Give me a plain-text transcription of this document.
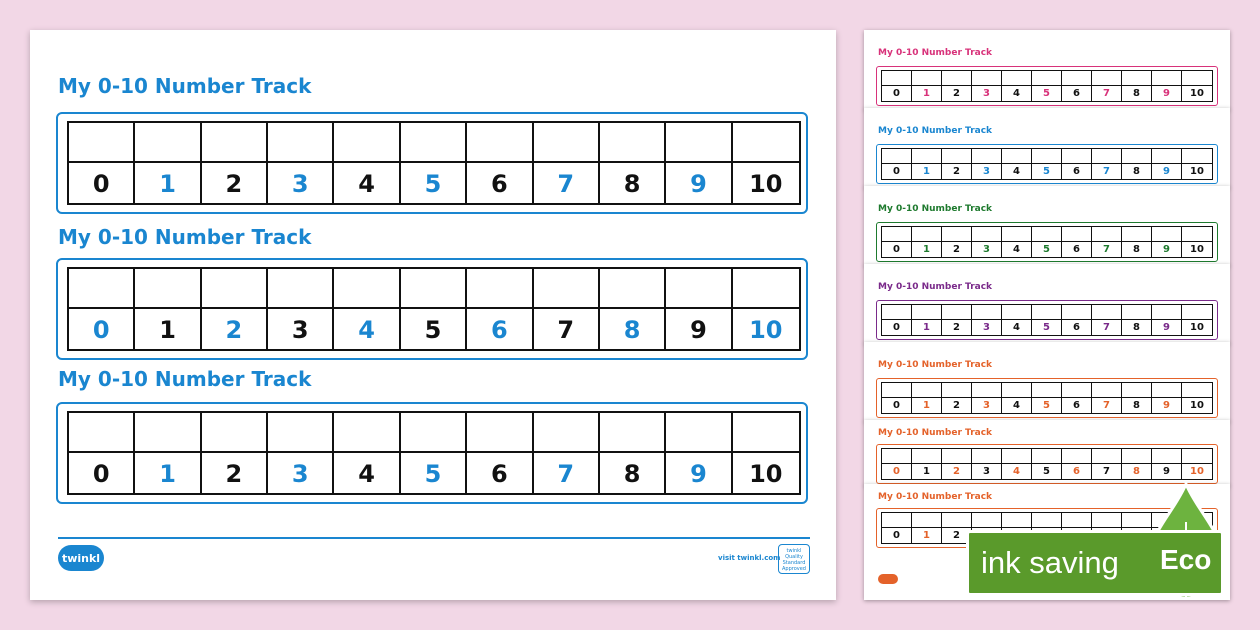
My 0-10 Number Track
0	1	2	3	4	5	6	7	8	9	10
My 0-10 Number Track
0	1	2	3	4	5	6	7	8	9	10
My 0-10 Number Track
0	1	2	3	4	5	6	7	8	9	10
twinkl	visit twinkl.com
twinkl Quality Standard Approved
My 0-10 Number Track
0	1	2	3	4	5	6	7	8	9	10
My 0-10 Number Track
0	1	2	3	4	5	6	7	8	9	10
My 0-10 Number Track
0	1	2	3	4	5	6	7	8	9	10
My 0-10 Number Track
0	1	2	3	4	5	6	7	8	9	10
My 0-10 Number Track
0	1	2	3	4	5	6	7	8	9	10
My 0-10 Number Track
0	1	2	3	4	5	6	7	8	9	10
My 0-10 Number Track
0	1	2
ink saving Eco
